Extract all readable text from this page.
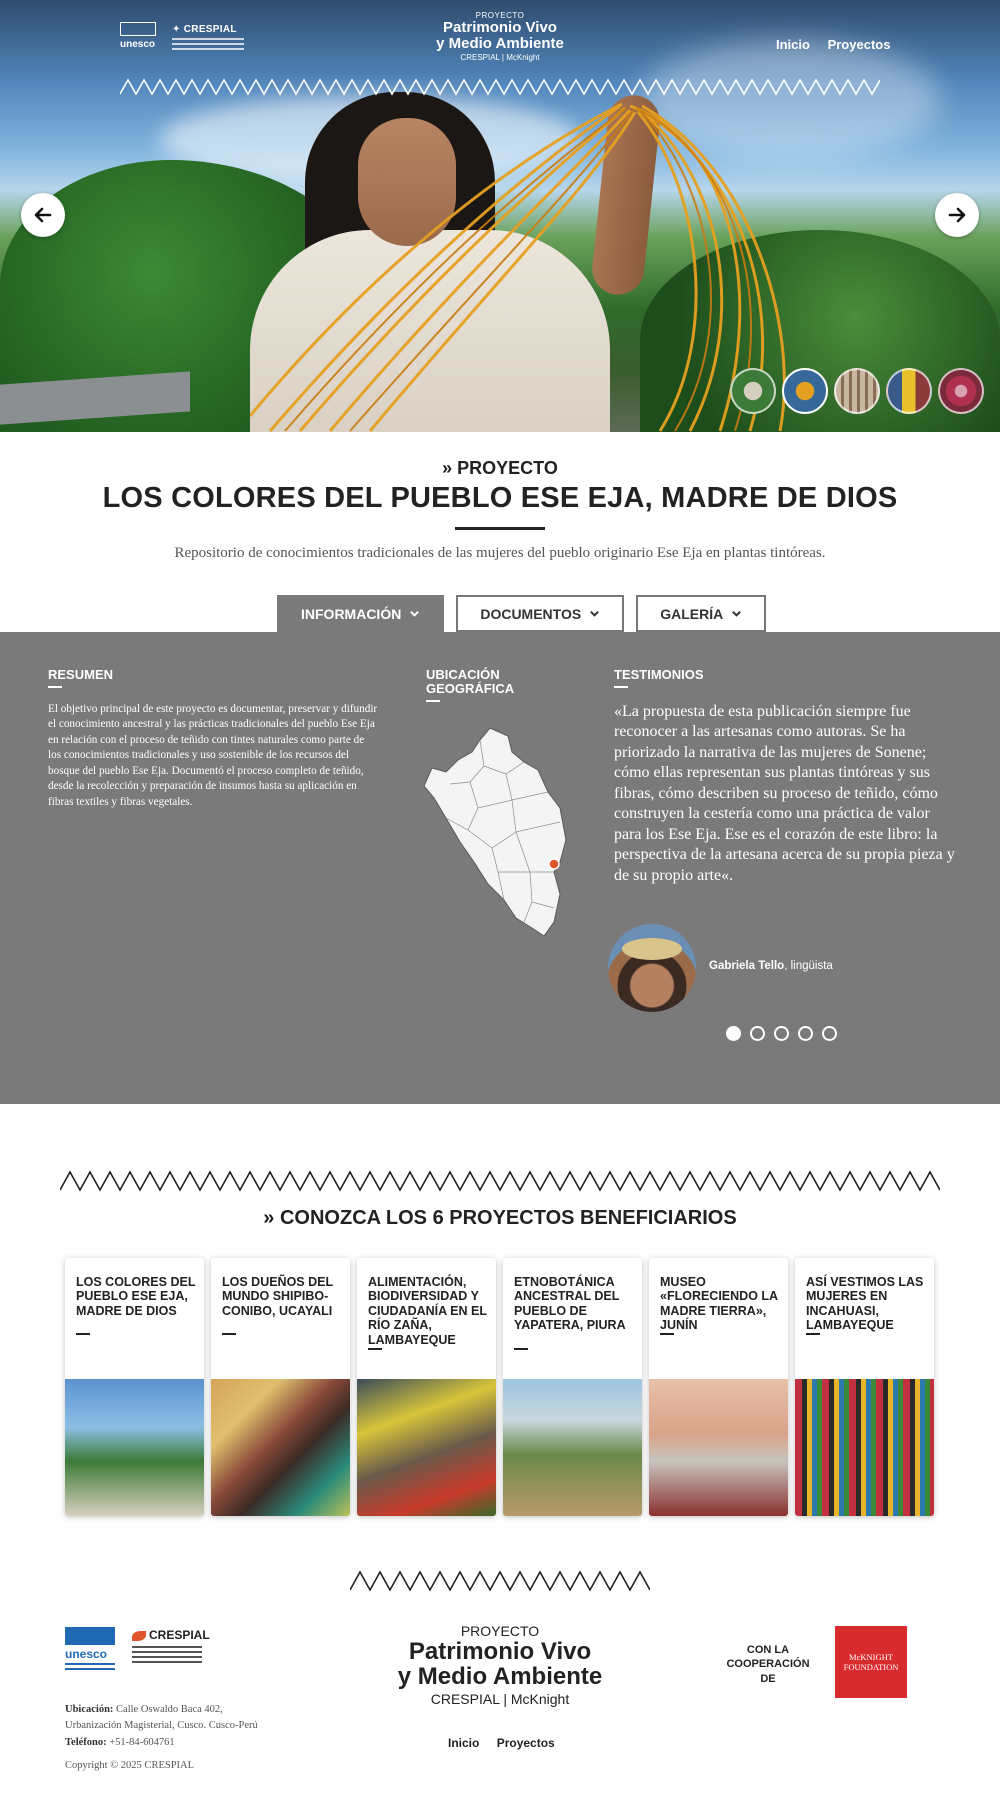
unesco
✦ CRESPIAL
PROYECTO
Patrimonio Vivo
y Medio Ambiente
CRESPIAL | McKnight
Inicio Proyectos
» PROYECTO
LOS COLORES DEL PUEBLO ESE EJA, MADRE DE DIOS
Repositorio de conocimientos tradicionales de las mujeres del pueblo originario Ese Eja en plantas tintóreas.
INFORMACIÓN	DOCUMENTOS	GALERÍA
RESUMEN
El objetivo principal de este proyecto es documentar, preservar y difundir el conocimiento ancestral y las prácticas tradicionales del pueblo Ese Eja en relación con el proceso de teñido con tintes naturales como parte de los conocimientos tradicionales y uso sostenible de los recursos del bosque del pueblo Ese Eja. Documentó el proceso completo de teñido, desde la recolección y preparación de insumos hasta su aplicación en fibras textiles y fibras vegetales.
UBICACIÓN
GEOGRÁFICA
TESTIMONIOS
«La propuesta de esta publicación siempre fue reconocer a las artesanas como autoras. Se ha priorizado la narrativa de las mujeres de Sonene; cómo ellas representan sus plantas tintóreas y sus fibras, cómo describen su proceso de teñido, cómo construyen la cestería como una práctica de valor para los Ese Eja. Ese es el corazón de este libro: la perspectiva de la artesana acerca de su propia pieza y de su propio arte«.
Gabriela Tello, lingüista
» CONOZCA LOS 6 PROYECTOS BENEFICIARIOS
LOS COLORES DEL PUEBLO ESE EJA, MADRE DE DIOS
LOS DUEÑOS DEL MUNDO SHIPIBO-CONIBO, UCAYALI
ALIMENTACIÓN, BIODIVERSIDAD Y CIUDADANÍA EN EL RÍO ZAÑA, LAMBAYEQUE
ETNOBOTÁNICA ANCESTRAL DEL PUEBLO DE YAPATERA, PIURA
MUSEO «FLORECIENDO LA MADRE TIERRA», JUNÍN
ASÍ VESTIMOS LAS MUJERES EN INCAHUASI, LAMBAYEQUE
unesco
CRESPIAL
Ubicación: Calle Oswaldo Baca 402,
Urbanización Magisterial, Cusco. Cusco-Perú
Teléfono: +51-84-604761
Copyright © 2025 CRESPIAL
PROYECTO
Patrimonio Vivo
y Medio Ambiente
CRESPIAL | McKnight
Inicio Proyectos
CON LA COOPERACIÓN DE
McKNIGHT
FOUNDATION
